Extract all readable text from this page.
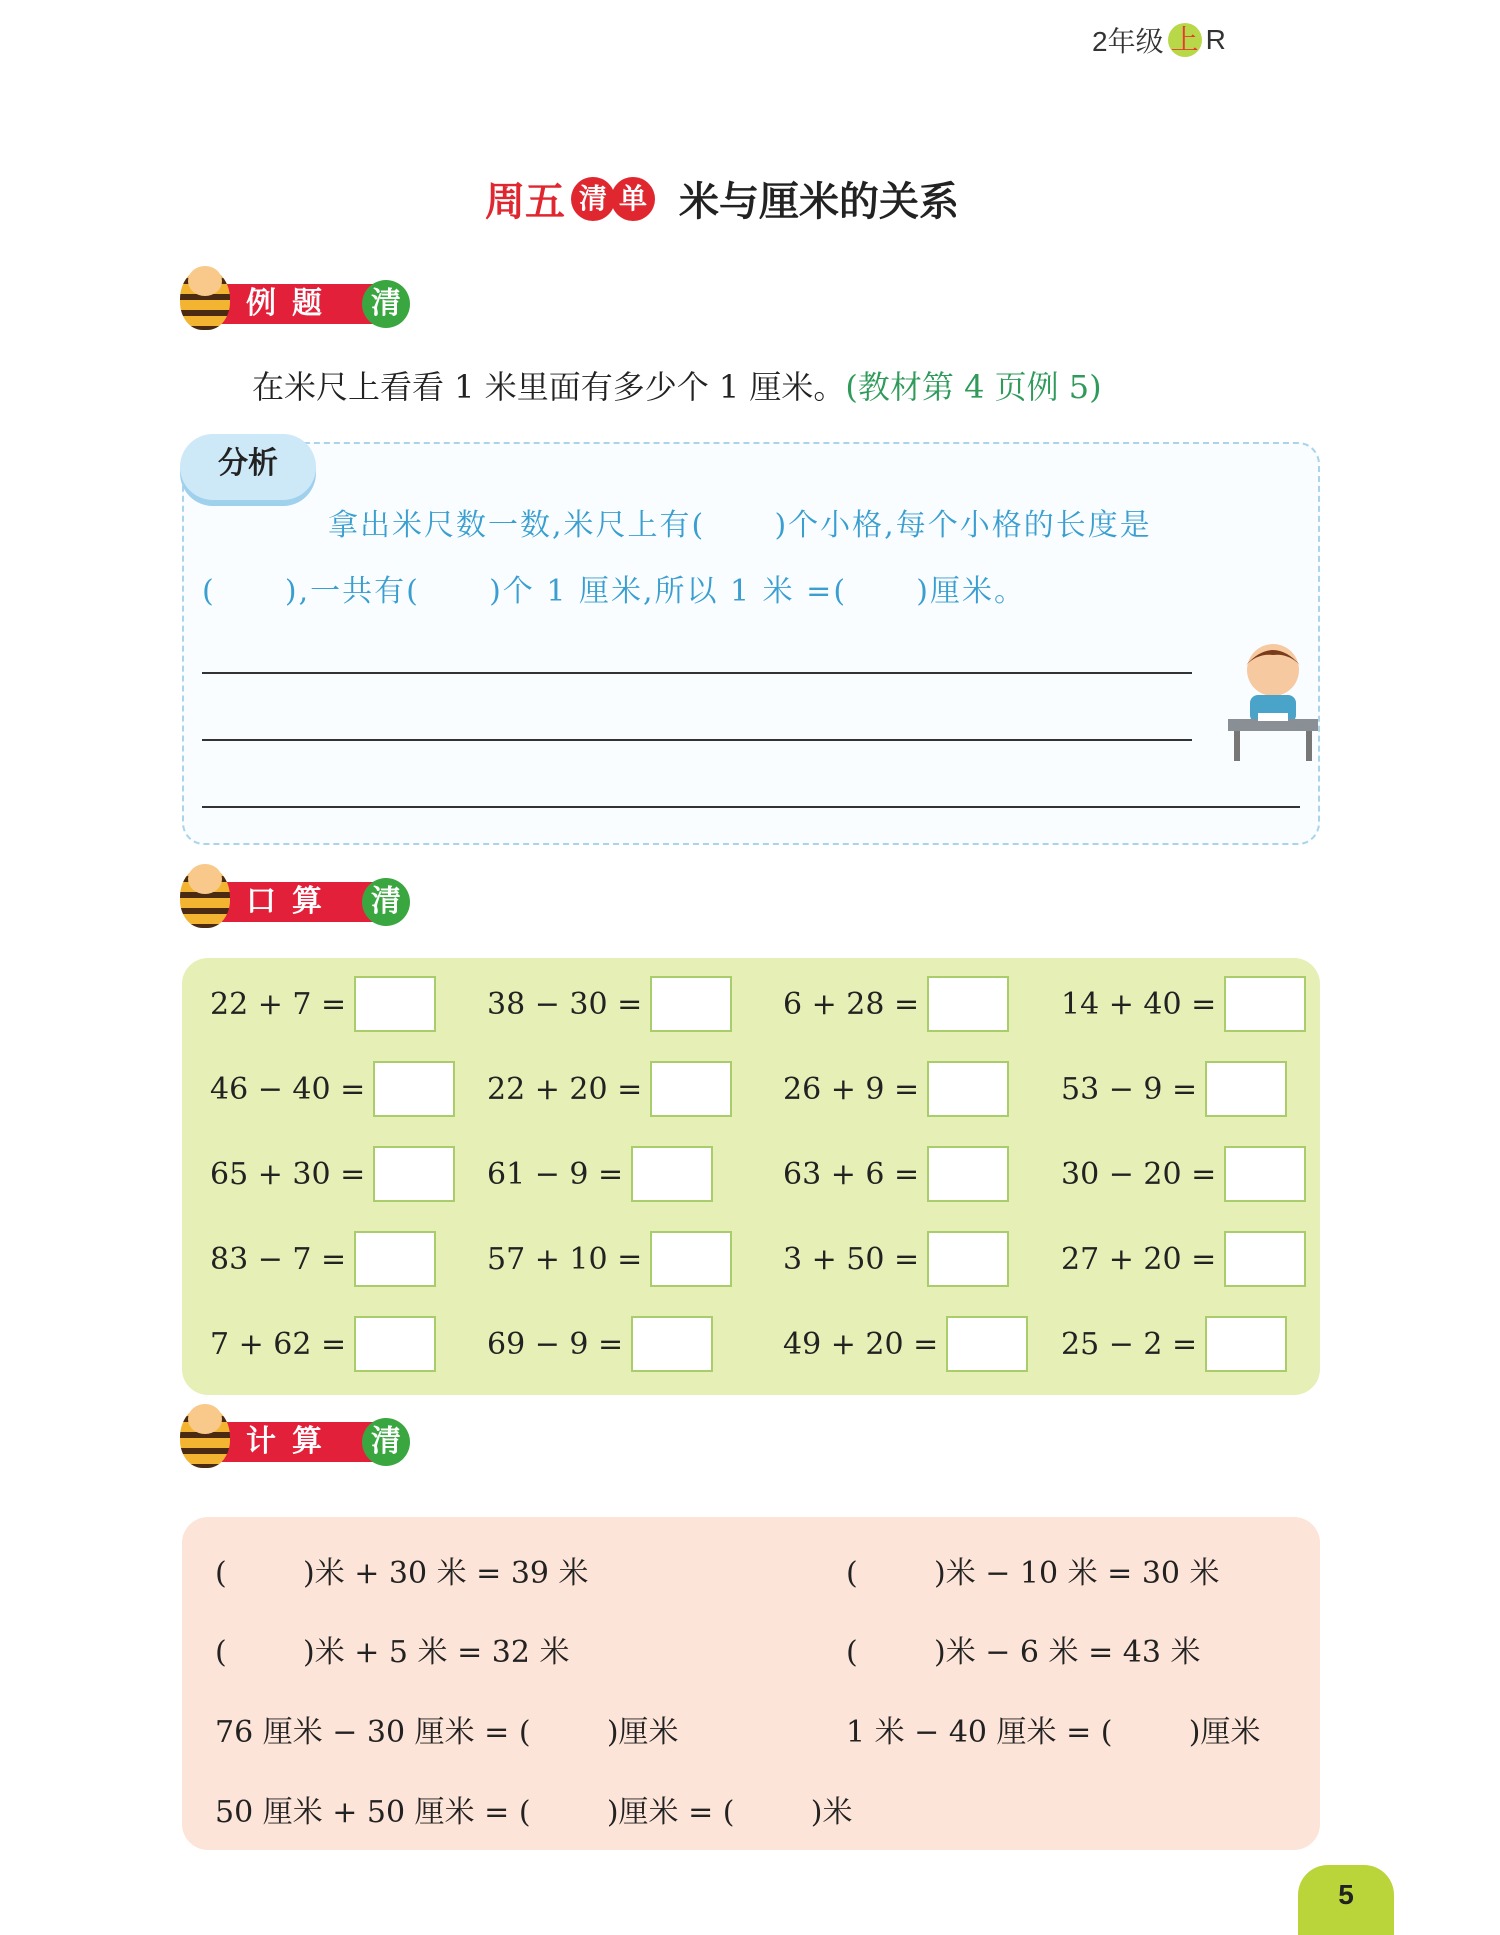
2年级 上 R
周五 清 单 米与厘米的关系
例题	清
在米尺上看看 1 米里面有多少个 1 厘米。(教材第 4 页例 5)
分析
拿出米尺数一数,米尺上有(      )个小格,每个小格的长度是
(      ),一共有(      )个 1 厘米,所以 1 米 =(      )厘米。
口算	清
计算	清
5
22 + 7 =	38 − 30 =	6 + 28 =	14 + 40 =
46 − 40 =	22 + 20 =	26 + 9 =	53 − 9 =
65 + 30 =	61 − 9 =	63 + 6 =	30 − 20 =
83 − 7 =	57 + 10 =	3 + 50 =	27 + 20 =
7 + 62 =	69 − 9 =	49 + 20 =	25 − 2 =
(        )米 + 30 米 = 39 米	(        )米 − 10 米 = 30 米
(        )米 + 5 米 = 32 米	(        )米 − 6 米 = 43 米
76 厘米 − 30 厘米 = (        )厘米	1 米 − 40 厘米 = (        )厘米
50 厘米 + 50 厘米 = (        )厘米 = (        )米
